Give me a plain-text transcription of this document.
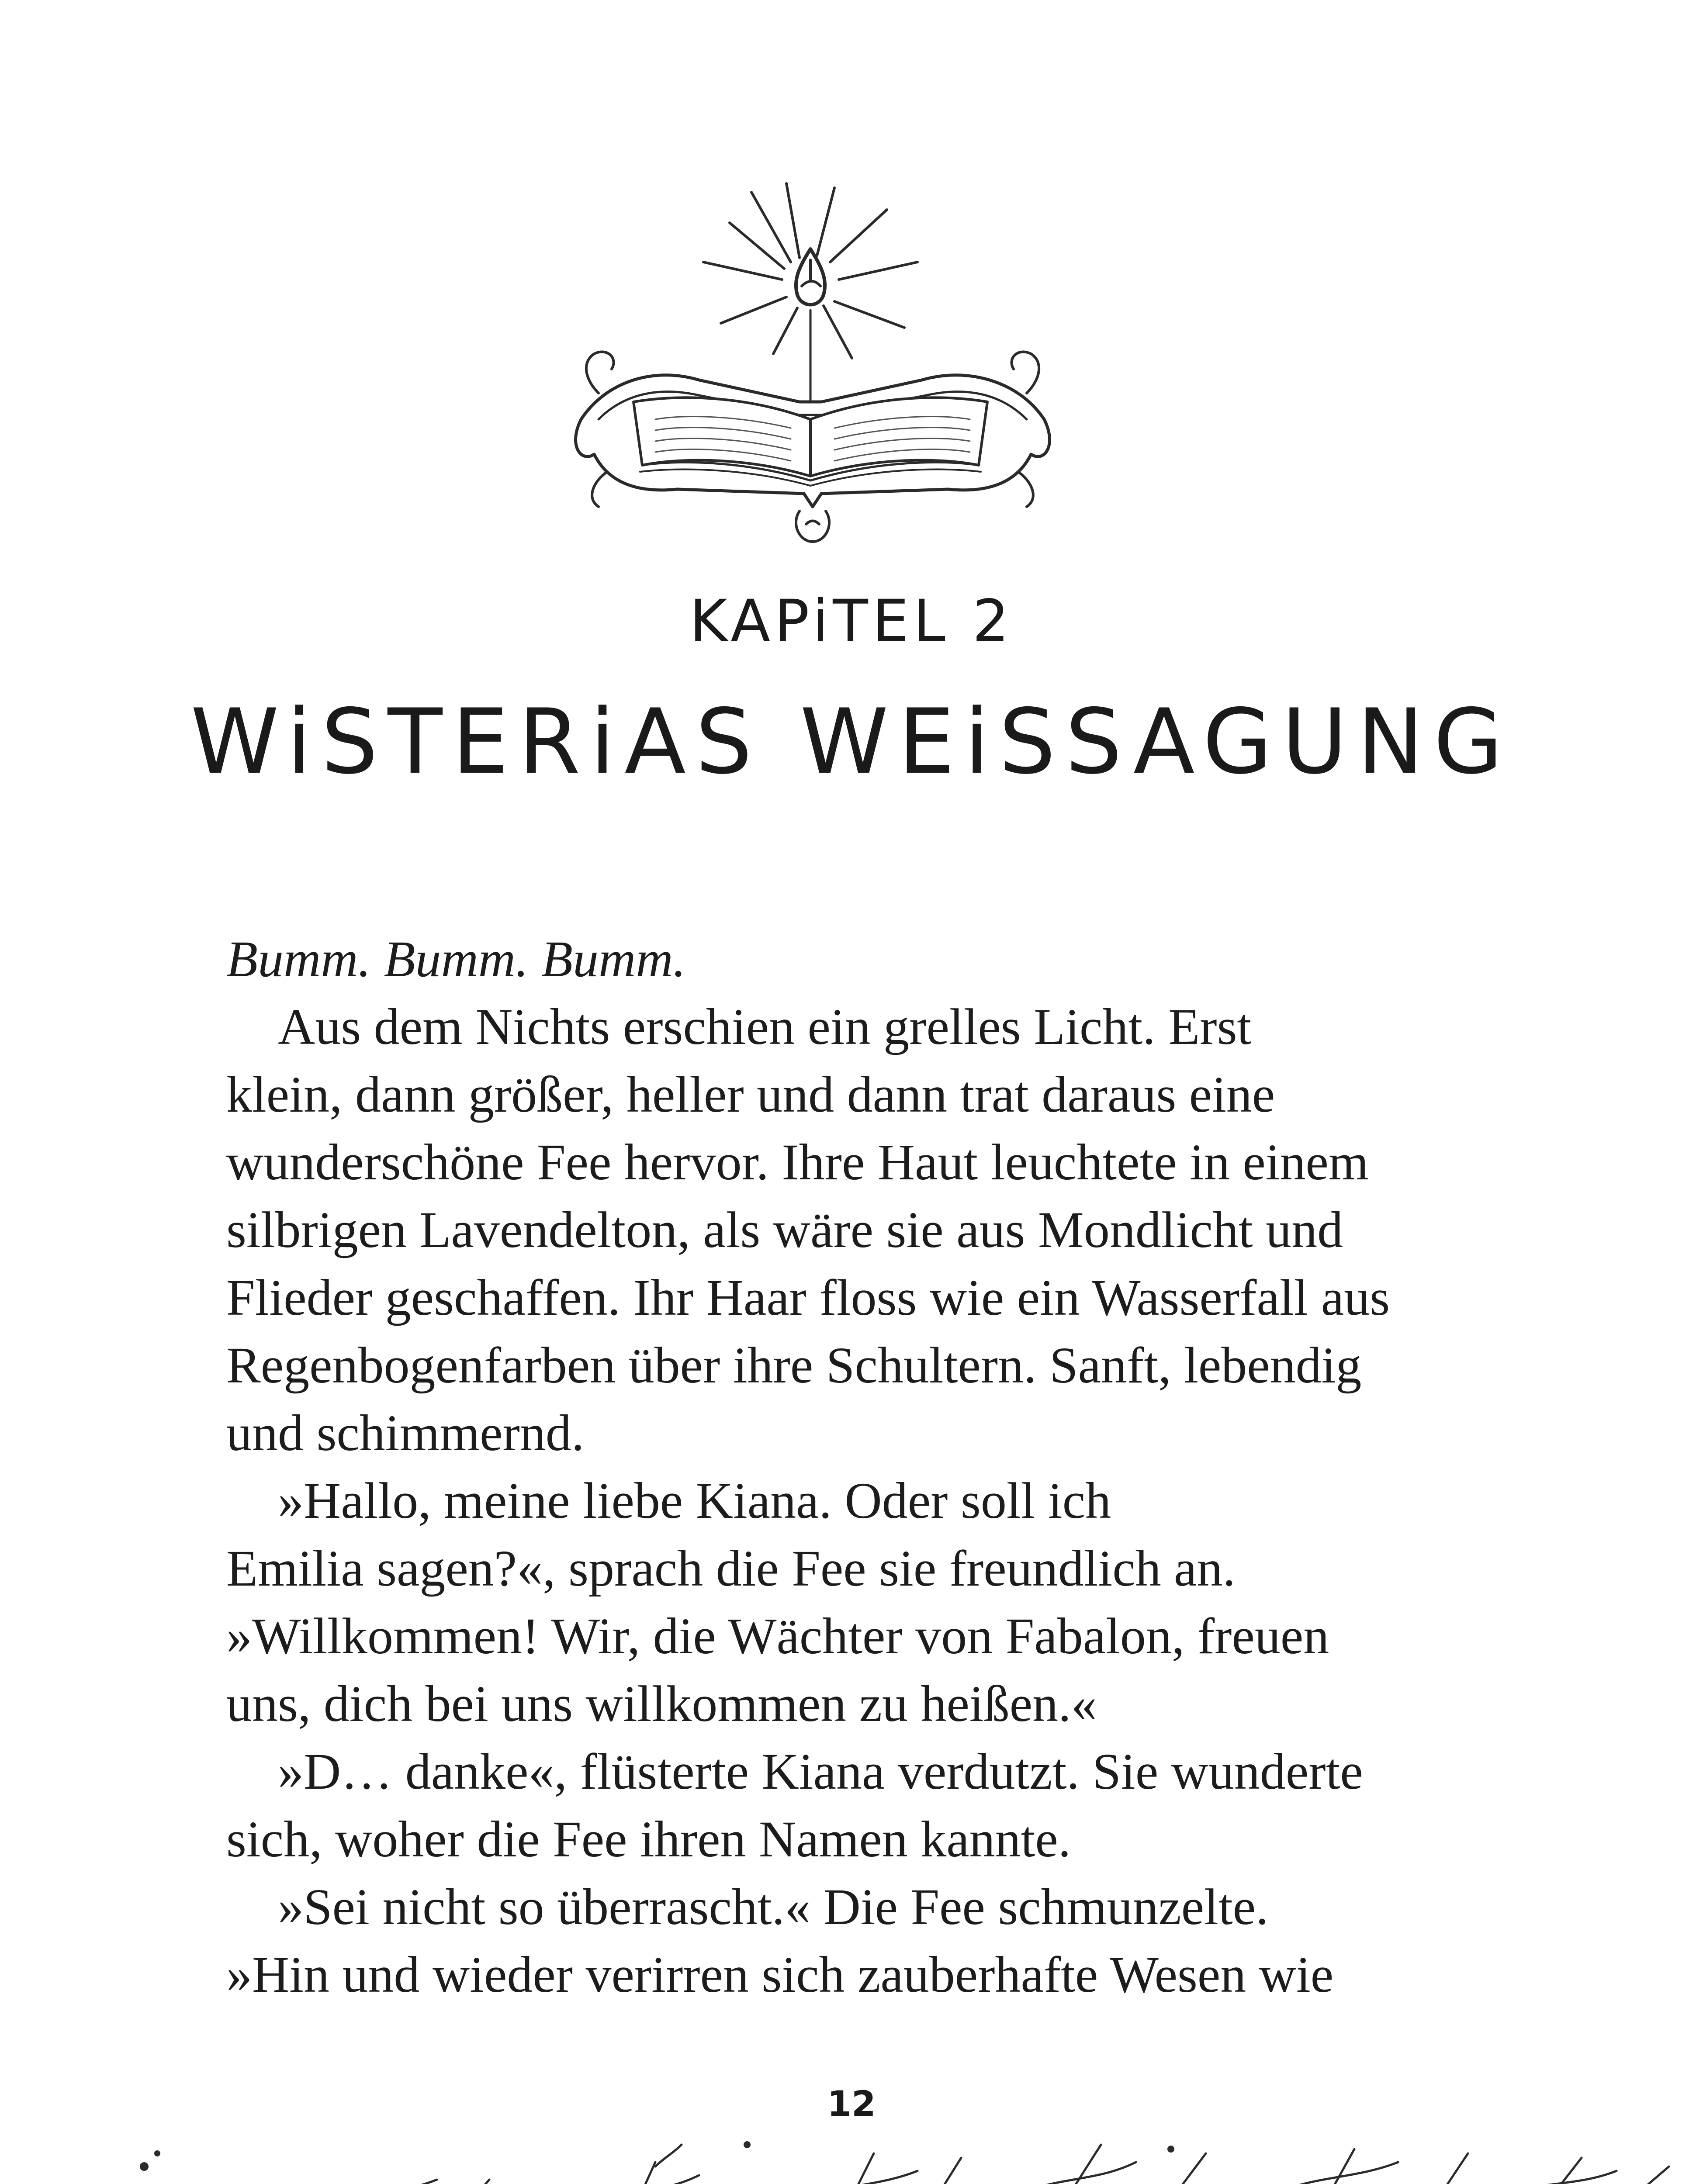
KAPiTEL 2
WiSTERiAS WEiSSAGUNG
Bumm. Bumm. Bumm.
Aus dem Nichts erschien ein grelles Licht. Erst
klein, dann größer, heller und dann trat daraus eine
wunderschöne Fee hervor. Ihre Haut leuchtete in einem
silbrigen Lavendelton, als wäre sie aus Mondlicht und
Flieder geschaffen. Ihr Haar floss wie ein Wasserfall aus
Regenbogenfarben über ihre Schultern. Sanft, lebendig
und schimmernd.
»Hallo, meine liebe Kiana. Oder soll ich
Emilia sagen?«, sprach die Fee sie freundlich an.
»Willkommen! Wir, die Wächter von Fabalon, freuen
uns, dich bei uns willkommen zu heißen.«
»D… danke«, flüsterte Kiana verdutzt. Sie wunderte
sich, woher die Fee ihren Namen kannte.
»Sei nicht so überrascht.« Die Fee schmunzelte.
»Hin und wieder verirren sich zauberhafte Wesen wie
12
